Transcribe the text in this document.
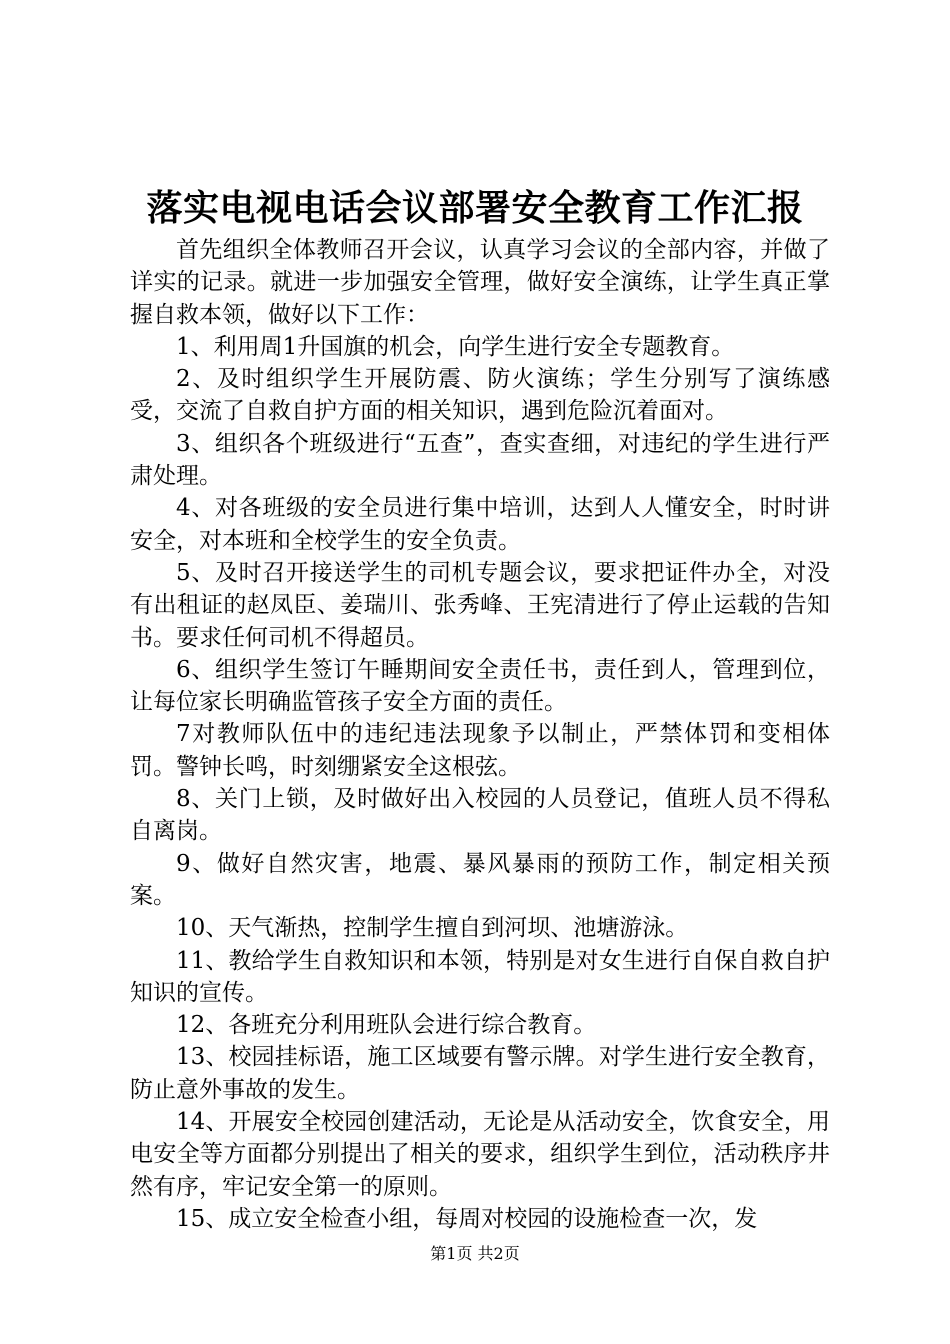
落实电视电话会议部署安全教育工作汇报

首先组织全体教师召开会议，认真学习会议的全部内容，并做了详实的记录。就进一步加强安全管理，做好安全演练，让学生真正掌握自救本领，做好以下工作：

1、利用周1升国旗的机会，向学生进行安全专题教育。

2、及时组织学生开展防震、防火演练；学生分别写了演练感受，交流了自救自护方面的相关知识，遇到危险沉着面对。

3、组织各个班级进行“五查”，查实查细，对违纪的学生进行严肃处理。

4、对各班级的安全员进行集中培训，达到人人懂安全，时时讲安全，对本班和全校学生的安全负责。

5、及时召开接送学生的司机专题会议，要求把证件办全，对没有出租证的赵凤臣、姜瑞川、张秀峰、王宪清进行了停止运载的告知书。要求任何司机不得超员。

6、组织学生签订午睡期间安全责任书，责任到人，管理到位，让每位家长明确监管孩子安全方面的责任。

7对教师队伍中的违纪违法现象予以制止，严禁体罚和变相体罚。警钟长鸣，时刻绷紧安全这根弦。

8、关门上锁，及时做好出入校园的人员登记，值班人员不得私自离岗。

9、做好自然灾害，地震、暴风暴雨的预防工作，制定相关预案。

10、天气渐热，控制学生擅自到河坝、池塘游泳。

11、教给学生自救知识和本领，特别是对女生进行自保自救自护知识的宣传。

12、各班充分利用班队会进行综合教育。

13、校园挂标语，施工区域要有警示牌。对学生进行安全教育，防止意外事故的发生。

14、开展安全校园创建活动，无论是从活动安全，饮食安全，用电安全等方面都分别提出了相关的要求，组织学生到位，活动秩序井然有序，牢记安全第一的原则。

15、成立安全检查小组，每周对校园的设施检查一次，发

第1页 共2页
